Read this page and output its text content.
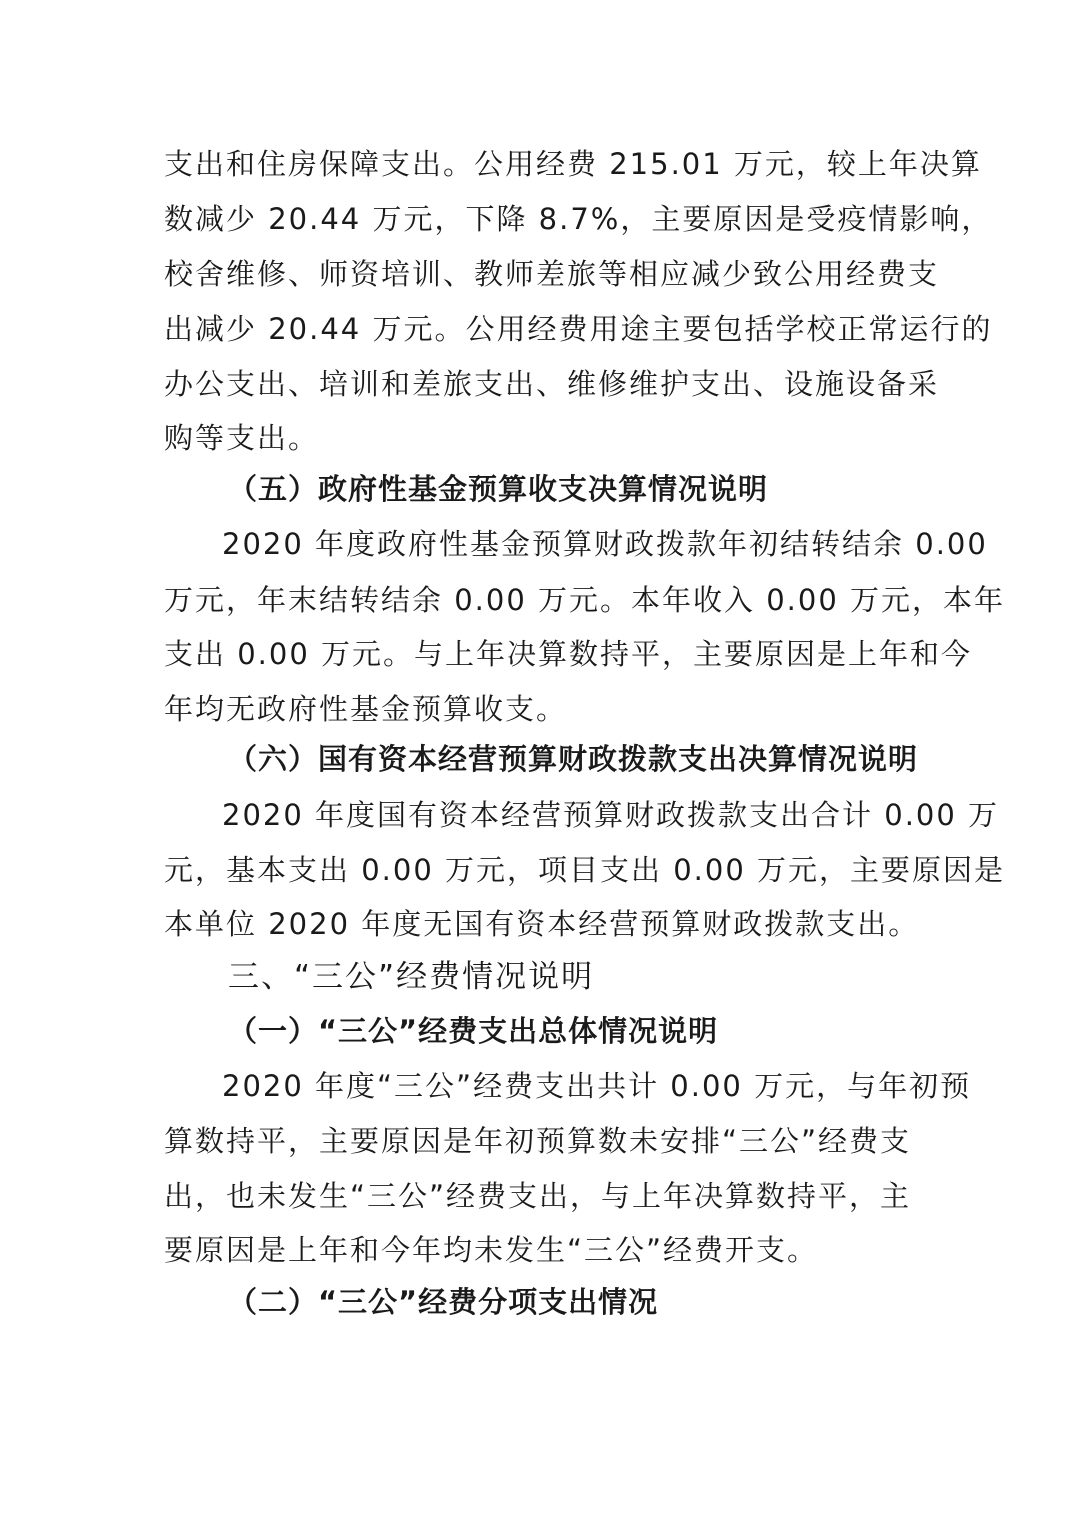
支出和住房保障支出。公用经费 215.01 万元，较上年决算
数减少 20.44 万元，下降 8.7%，主要原因是受疫情影响，
校舍维修、师资培训、教师差旅等相应减少致公用经费支
出减少 20.44 万元。公用经费用途主要包括学校正常运行的
办公支出、培训和差旅支出、维修维护支出、设施设备采
购等支出。
（五）政府性基金预算收支决算情况说明
2020 年度政府性基金预算财政拨款年初结转结余 0.00
万元，年末结转结余 0.00 万元。本年收入 0.00 万元，本年
支出 0.00 万元。与上年决算数持平，主要原因是上年和今
年均无政府性基金预算收支。
（六）国有资本经营预算财政拨款支出决算情况说明
2020 年度国有资本经营预算财政拨款支出合计 0.00 万
元，基本支出 0.00 万元，项目支出 0.00 万元，主要原因是
本单位 2020 年度无国有资本经营预算财政拨款支出。
三、“三公”经费情况说明
（一）“三公”经费支出总体情况说明
2020 年度“三公”经费支出共计 0.00 万元，与年初预
算数持平，主要原因是年初预算数未安排“三公”经费支
出，也未发生“三公”经费支出，与上年决算数持平，主
要原因是上年和今年均未发生“三公”经费开支。
（二）“三公”经费分项支出情况
